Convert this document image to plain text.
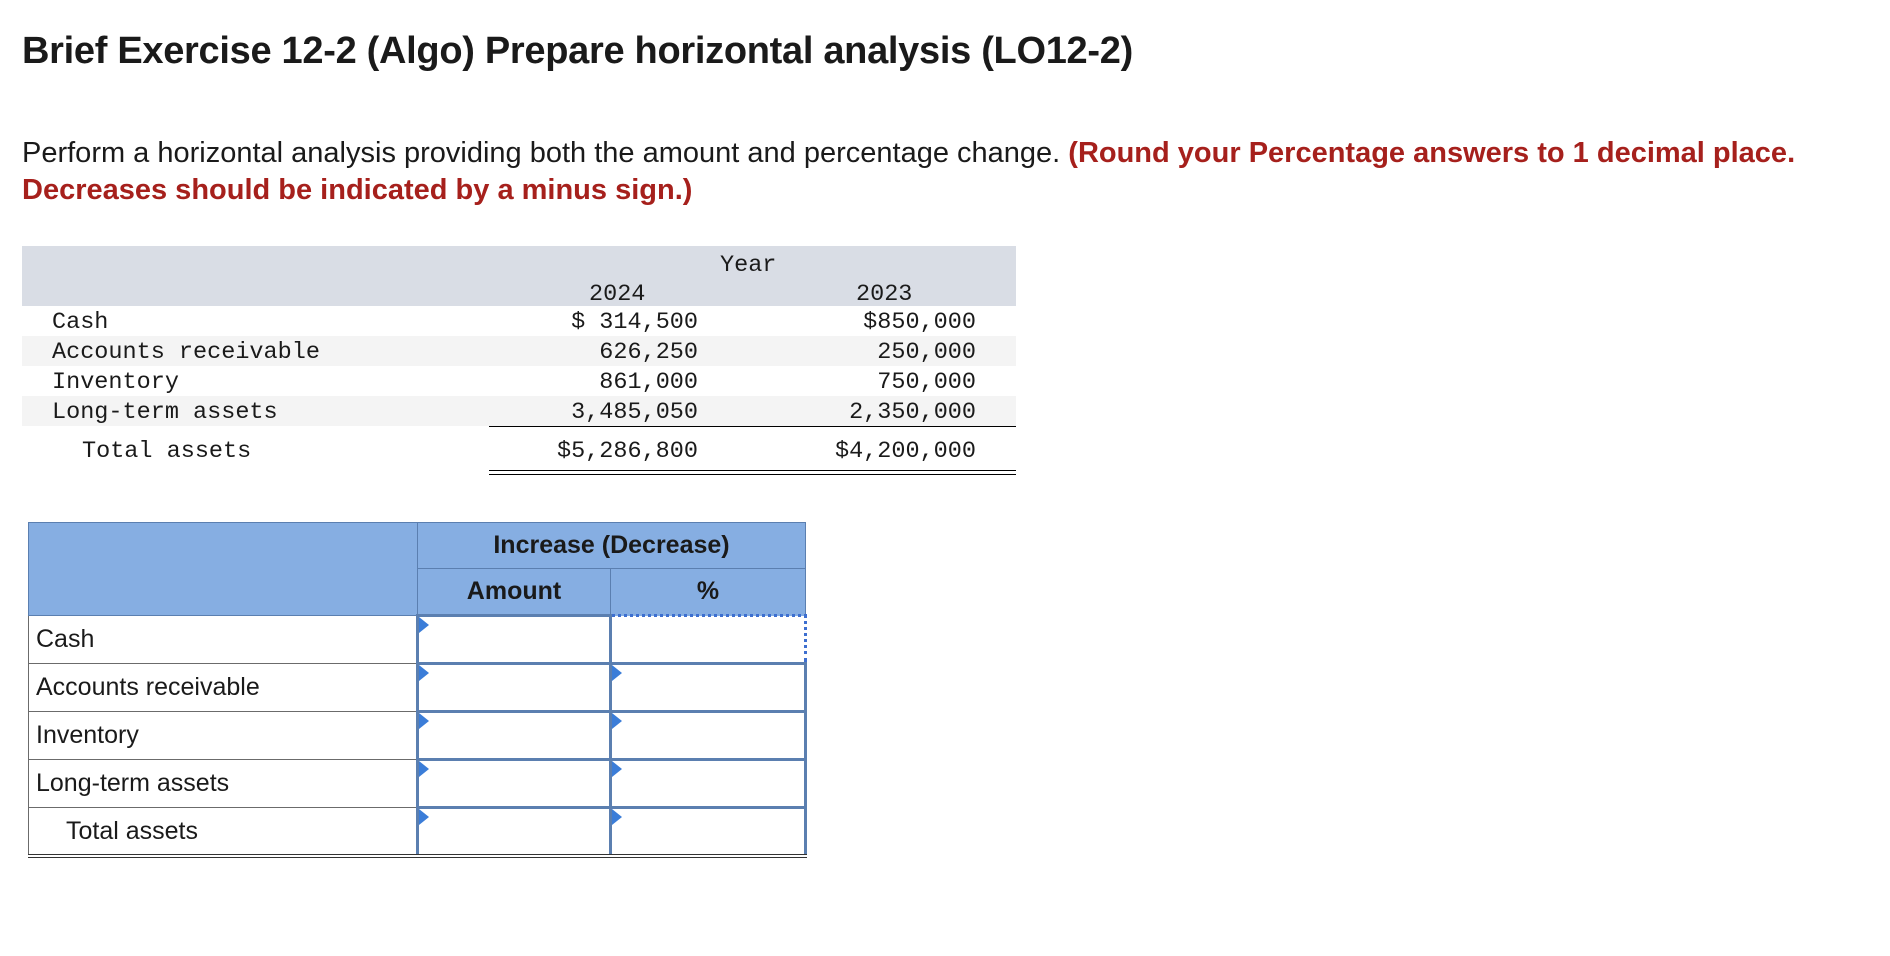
Brief Exercise 12-2 (Algo) Prepare horizontal analysis (LO12-2)
Perform a horizontal analysis providing both the amount and percentage change. (Round your Percentage answers to 1 decimal place. Decreases should be indicated by a minus sign.)
Year
2024	2023
Cash	$ 314,500	$850,000
Accounts receivable	626,250	250,000
Inventory	861,000	750,000
Long-term assets	3,485,050	2,350,000
Total assets	$5,286,800	$4,200,000
	Increase (Decrease)	
	Amount	%
Cash	

Accounts receivable	

Inventory	

Long-term assets	

Total assets	
